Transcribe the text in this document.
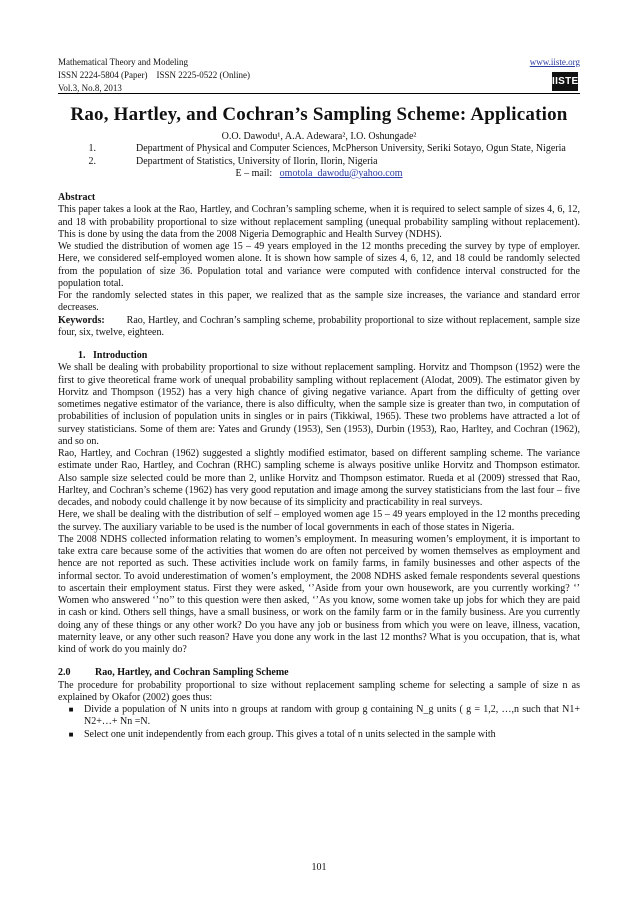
Mathematical Theory and Modeling	www.iiste.org
ISSN 2224-5804 (Paper)    ISSN 2225-0522 (Online)
Vol.3, No.8, 2013
IISTE
Rao, Hartley, and Cochran’s Sampling Scheme: Application
O.O. Dawodu¹, A.A. Adewara², I.O. Oshungade²
1.	Department of Physical and Computer Sciences, McPherson University, Seriki Sotayo, Ogun State, Nigeria
2.	Department of Statistics, University of Ilorin, Ilorin, Nigeria
E – mail: omotola_dawodu@yahoo.com

Abstract

This paper takes a look at the Rao, Hartley, and Cochran’s sampling scheme, when it is required to select sample of sizes 4, 6, 12, and 18 with probability proportional to size without replacement sampling (unequal probability sampling without replacement). This is done by using the data from the 2008 Nigeria Demographic and Health Survey (NDHS).

We studied the distribution of women age 15 – 49 years employed in the 12 months preceding the survey by type of employer. Here, we considered self-employed women alone. It is shown how sample of sizes 4, 6, 12, and 18 could be randomly selected from the population of size 36. Population total and variance were computed with confidence interval constructed for the population total.

For the randomly selected states in this paper, we realized that as the sample size increases, the variance and standard error decreases.

Keywords: Rao, Hartley, and Cochran’s sampling scheme, probability proportional to size without replacement, sample size four, six, twelve, eighteen.

1.   Introduction

We shall be dealing with probability proportional to size without replacement sampling. Horvitz and Thompson (1952) were the first to give theoretical frame work of unequal probability sampling without replacement (Alodat, 2009). The estimator given by Horvitz and Thompson (1952) has a very high chance of giving negative variance. Apart from the difficulty of getting over sometimes negative estimator of the variance, there is also difficulty, when the sample size is greater than two, in computation of probabilities of inclusion of population units in singles or in pairs (Tikkiwal, 1965). These two problems have attracted a lot of survey statisticians. Some of them are: Yates and Grundy (1953), Sen (1953), Durbin (1953), Rao, Harltey, and Cochran (1962), and so on.

Rao, Hartley, and Cochran (1962) suggested a slightly modified estimator, based on different sampling scheme. The variance estimate under Rao, Hartley, and Cochran (RHC) sampling scheme is always positive unlike Horvitz and Thompson estimator. Also sample size selected could be more than 2, unlike Horvitz and Thompson estimator. Rueda et al (2009) stressed that Rao, Harltey, and Cochran’s scheme (1962) has very good reputation and image among the survey statisticians from the last four – five decades, and nobody could challenge it by now because of its simplicity and practicability in real surveys.

Here, we shall be dealing with the distribution of self – employed women age 15 – 49 years employed in the 12 months preceding the survey. The auxiliary variable to be used is the number of local governments in each of those states in Nigeria.

The 2008 NDHS collected information relating to women’s employment. In measuring women’s employment, it is important to take extra care because some of the activities that women do are often not perceived by women themselves as employment and hence are not reported as such. These activities include work on family farms, in family businesses and other aspects of the informal sector. To avoid underestimation of women’s employment, the 2008 NDHS asked female respondents several questions to ascertain their employment status. First they were asked, ‘’Aside from your own housework, are you currently working? ‘’ Women who answered ‘’no’’ to this question were then asked, ‘’As you know, some women take up jobs for which they are paid in cash or kind. Others sell things, have a small business, or work on the family farm or in the family business. Are you currently doing any of these things or any other work? Do you have any job or business from which you were on leave, illness, vacation, maternity leave, or any other such reason? Have you done any work in the last 12 months? What is you occupation, that is, what kind of work do you mainly do?

2.0 Rao, Hartley, and Cochran Sampling Scheme

The procedure for probability proportional to size without replacement sampling scheme for selecting a sample of size n as explained by Okafor (2002) goes thus:

■	Divide a population of N units into n groups at random with group g containing N_g units ( g = 1,2, …,n such that N1+ N2+…+ Nn =N.
■	Select one unit independently from each group. This gives a total of n units selected in the sample with
101
